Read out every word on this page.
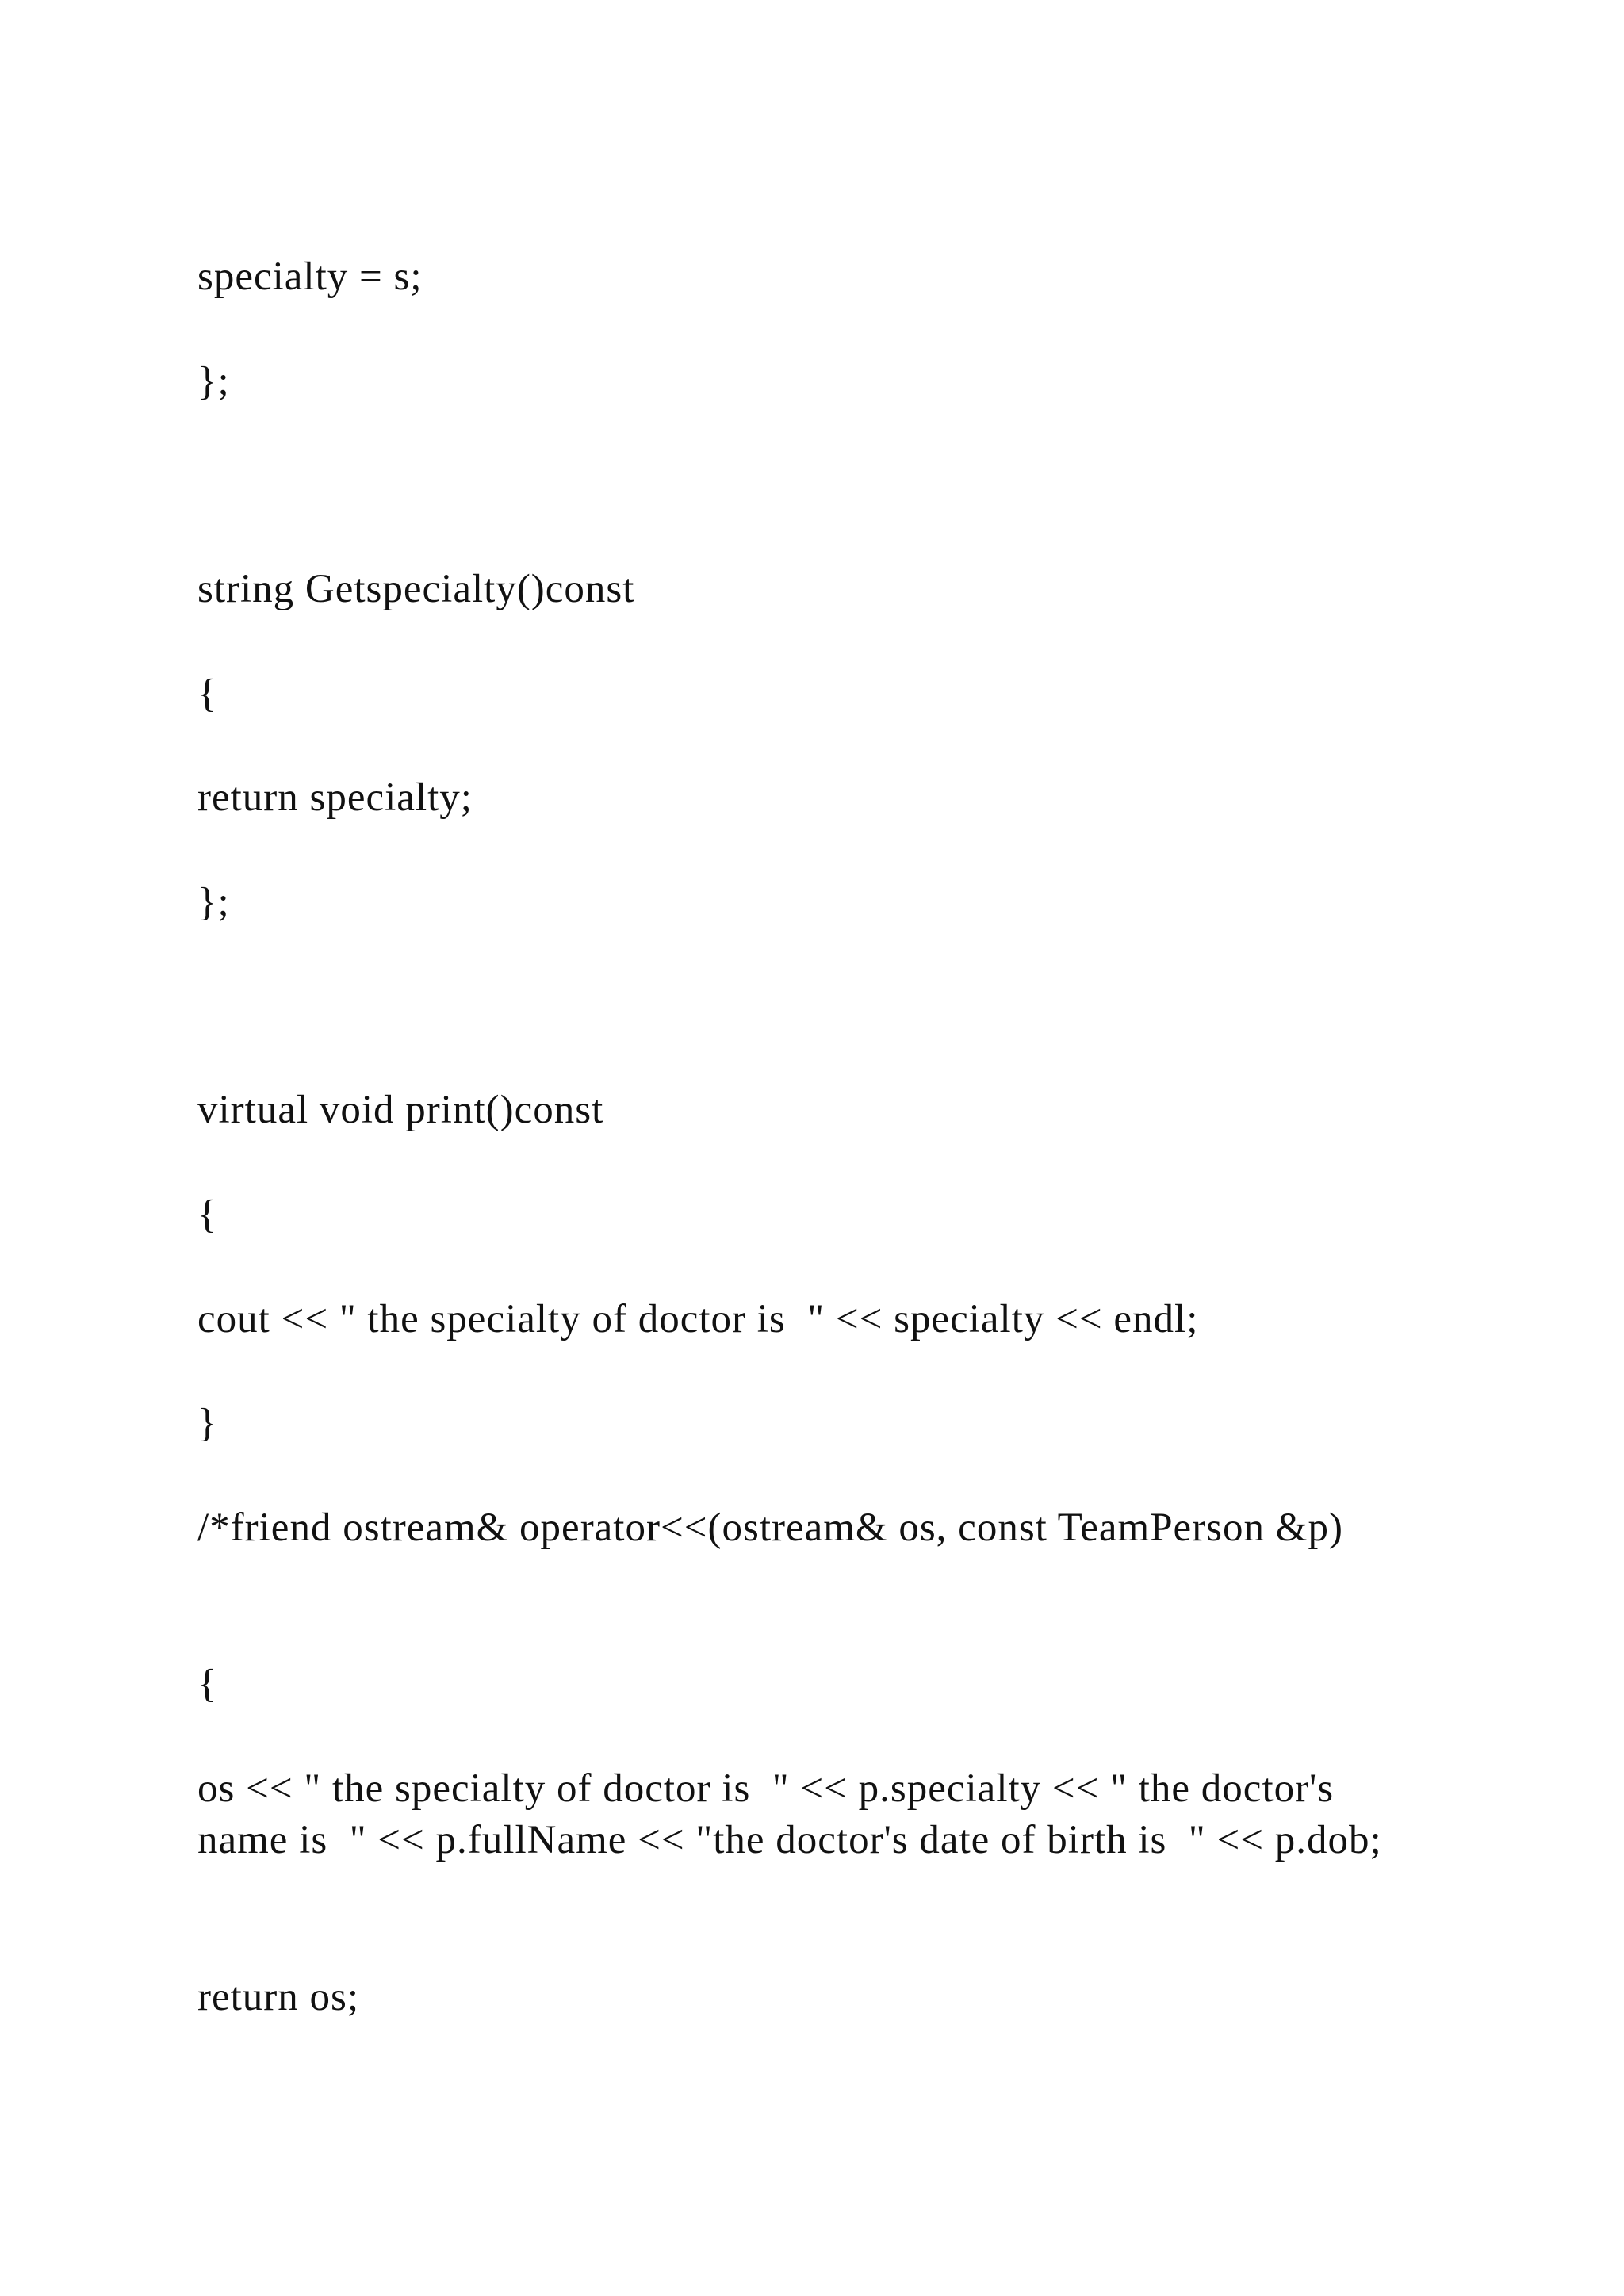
specialty = s;

};

string Getspecialty()const

{

return specialty;

};

virtual void print()const

{

cout << " the specialty of doctor is  " << specialty << endl;

}

/*friend ostream& operator<<(ostream& os, const TeamPerson &p)

{

os << " the specialty of doctor is  " << p.specialty << " the doctor's name is  " << p.fullName << "the doctor's date of birth is  " << p.dob;

return os;
